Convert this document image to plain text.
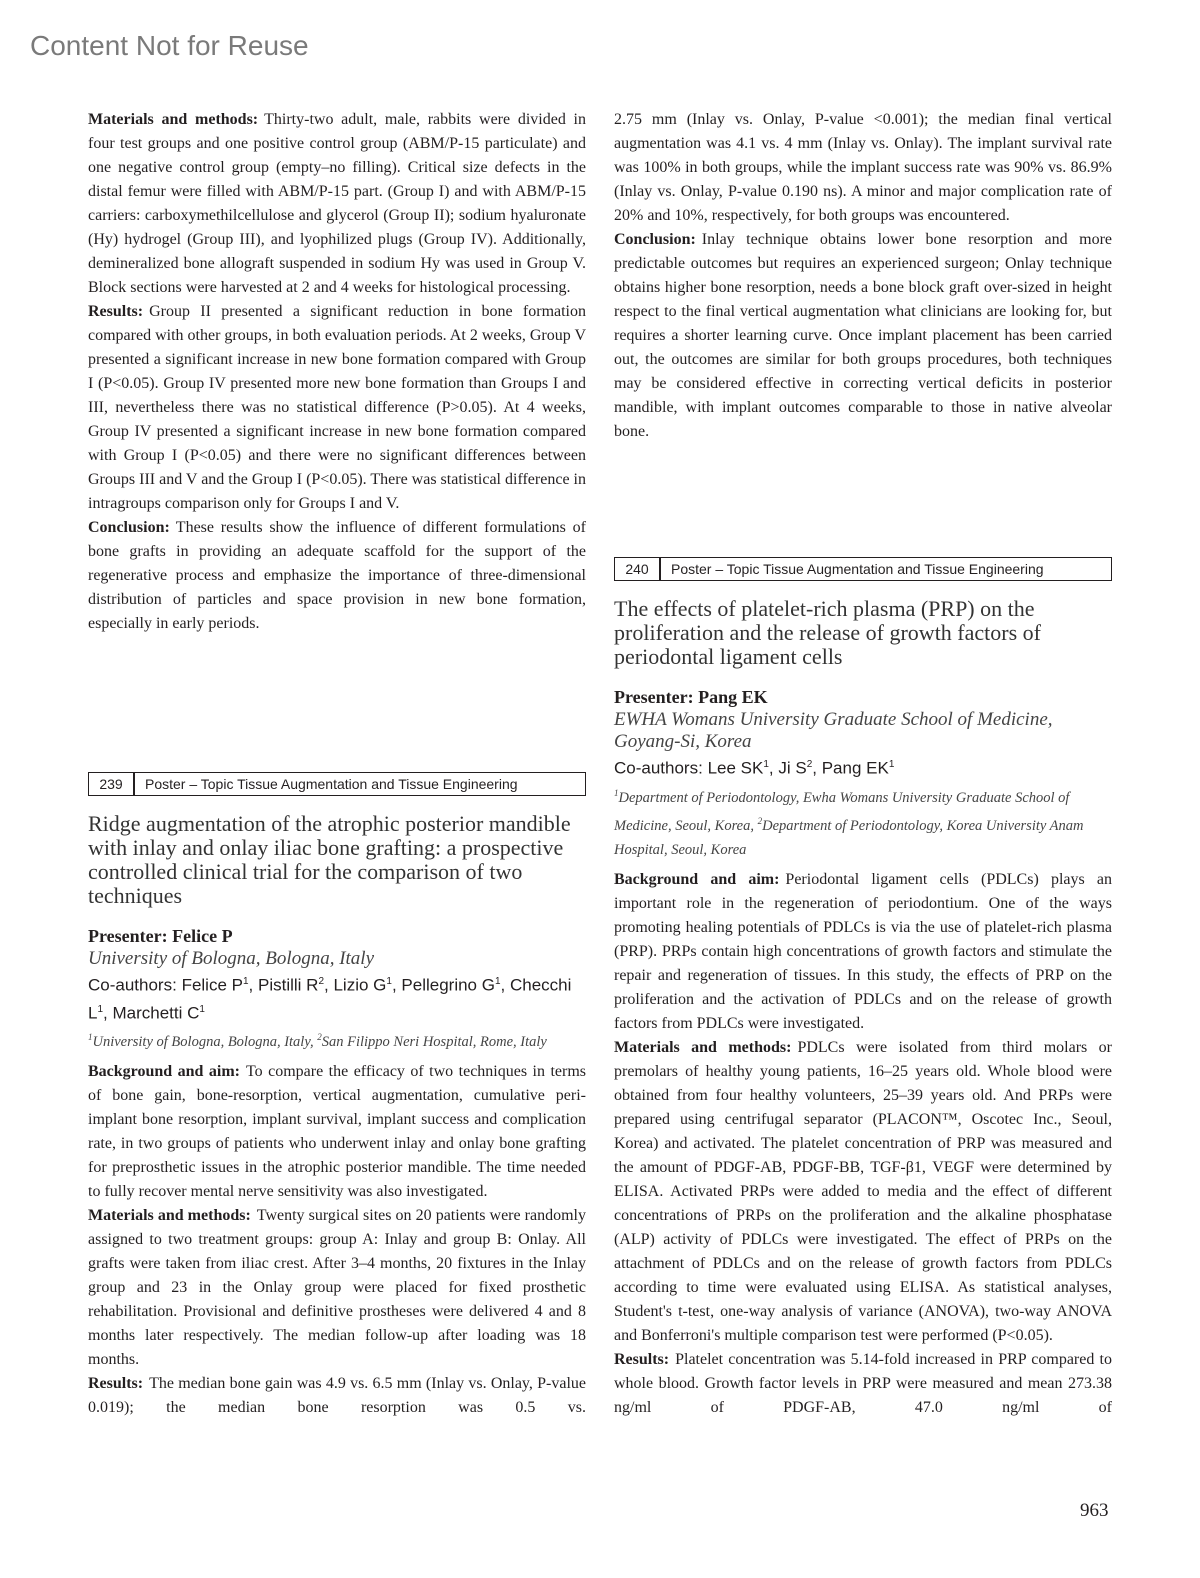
Content Not for Reuse

Materials and methods: Thirty-two adult, male, rabbits were divided in four test groups and one positive control group (ABM/P-15 particulate) and one negative control group (empty–no filling). Critical size defects in the distal femur were filled with ABM/P-15 part. (Group I) and with ABM/P-15 carriers: carboxymethilcellulose and glycerol (Group II); sodium hyaluronate (Hy) hydrogel (Group III), and lyophilized plugs (Group IV). Additionally, demineralized bone allograft suspended in sodium Hy was used in Group V. Block sections were harvested at 2 and 4 weeks for histological processing.

Results: Group II presented a significant reduction in bone formation compared with other groups, in both evaluation periods. At 2 weeks, Group V presented a significant increase in new bone formation compared with Group I (P<0.05). Group IV presented more new bone formation than Groups I and III, nevertheless there was no statistical difference (P>0.05). At 4 weeks, Group IV presented a significant increase in new bone formation compared with Group I (P<0.05) and there were no significant differences between Groups III and V and the Group I (P<0.05). There was statistical difference in intragroups comparison only for Groups I and V.

Conclusion: These results show the influence of different formulations of bone grafts in providing an adequate scaffold for the support of the regenerative process and emphasize the importance of three-dimensional distribution of particles and space provision in new bone formation, especially in early periods.

239	Poster – Topic Tissue Augmentation and Tissue Engineering
Ridge augmentation of the atrophic posterior mandible with inlay and onlay iliac bone grafting: a prospective controlled clinical trial for the comparison of two techniques
Presenter: Felice P
University of Bologna, Bologna, Italy
Co-authors: Felice $P^1$, Pistilli $R^2$, Lizio $G^1$, Pellegrino $G^1$, Checchi $L^1$, Marchetti $C^1$
$^1$University of Bologna, Bologna, Italy, $^2$San Filippo Neri Hospital, Rome, Italy

Background and aim: To compare the efficacy of two techniques in terms of bone gain, bone-resorption, vertical augmentation, cumulative peri-implant bone resorption, implant survival, implant success and complication rate, in two groups of patients who underwent inlay and onlay bone grafting for preprosthetic issues in the atrophic posterior mandible. The time needed to fully recover mental nerve sensitivity was also investigated.

Materials and methods: Twenty surgical sites on 20 patients were randomly assigned to two treatment groups: group A: Inlay and group B: Onlay. All grafts were taken from iliac crest. After 3–4 months, 20 fixtures in the Inlay group and 23 in the Onlay group were placed for fixed prosthetic rehabilitation. Provisional and definitive prostheses were delivered 4 and 8 months later respectively. The median follow-up after loading was 18 months.

Results: The median bone gain was 4.9 vs. 6.5 mm (Inlay vs. Onlay, P-value 0.019); the median bone resorption was 0.5 vs.

2.75 mm (Inlay vs. Onlay, P-value <0.001); the median final vertical augmentation was 4.1 vs. 4 mm (Inlay vs. Onlay). The implant survival rate was 100% in both groups, while the implant success rate was 90% vs. 86.9% (Inlay vs. Onlay, P-value 0.190 ns). A minor and major complication rate of 20% and 10%, respectively, for both groups was encountered.

Conclusion: Inlay technique obtains lower bone resorption and more predictable outcomes but requires an experienced surgeon; Onlay technique obtains higher bone resorption, needs a bone block graft over-sized in height respect to the final vertical augmentation what clinicians are looking for, but requires a shorter learning curve. Once implant placement has been carried out, the outcomes are similar for both groups procedures, both techniques may be considered effective in correcting vertical deficits in posterior mandible, with implant outcomes comparable to those in native alveolar bone.

240	Poster – Topic Tissue Augmentation and Tissue Engineering
The effects of platelet-rich plasma (PRP) on the proliferation and the release of growth factors of periodontal ligament cells
Presenter: Pang EK
EWHA Womans University Graduate School of Medicine, Goyang-Si, Korea
Co-authors: Lee $SK^1$, Ji $S^2$, Pang $EK^1$
$^1$Department of Periodontology, Ewha Womans University Graduate School of Medicine, Seoul, Korea, $^2$Department of Periodontology, Korea University Anam Hospital, Seoul, Korea

Background and aim: Periodontal ligament cells (PDLCs) plays an important role in the regeneration of periodontium. One of the ways promoting healing potentials of PDLCs is via the use of platelet-rich plasma (PRP). PRPs contain high concentrations of growth factors and stimulate the repair and regeneration of tissues. In this study, the effects of PRP on the proliferation and the activation of PDLCs and on the release of growth factors from PDLCs were investigated.

Materials and methods: PDLCs were isolated from third molars or premolars of healthy young patients, 16–25 years old. Whole blood were obtained from four healthy volunteers, 25–39 years old. And PRPs were prepared using centrifugal separator (PLACON™, Oscotec Inc., Seoul, Korea) and activated. The platelet concentration of PRP was measured and the amount of PDGF-AB, PDGF-BB, TGF-β1, VEGF were determined by ELISA. Activated PRPs were added to media and the effect of different concentrations of PRPs on the proliferation and the alkaline phosphatase (ALP) activity of PDLCs were investigated. The effect of PRPs on the attachment of PDLCs and on the release of growth factors from PDLCs according to time were evaluated using ELISA. As statistical analyses, Student's t-test, one-way analysis of variance (ANOVA), two-way ANOVA and Bonferroni's multiple comparison test were performed (P<0.05).

Results: Platelet concentration was 5.14-fold increased in PRP compared to whole blood. Growth factor levels in PRP were measured and mean 273.38 ng/ml of PDGF-AB, 47.0 ng/ml of

963
